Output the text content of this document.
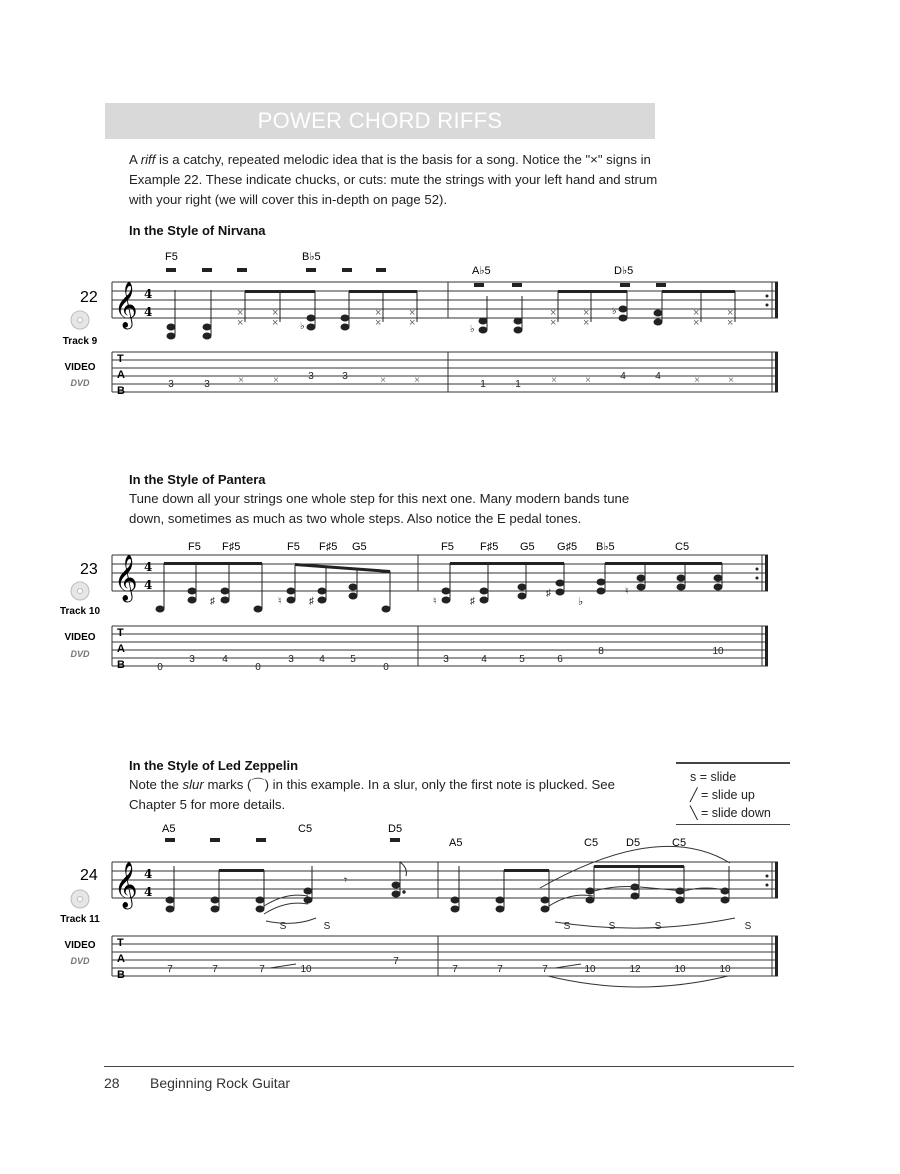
POWER CHORD RIFFS
A riff is a catchy, repeated melodic idea that is the basis for a song. Notice the "×" signs in Example 22. These indicate chucks, or cuts: mute the strings with your left hand and strum with your right (we will cover this in-depth on page 52).
In the Style of Nirvana
In the Style of Pantera
Tune down all your strings one whole step for this next one. Many modern bands tune down, sometimes as much as two whole steps. Also notice the E pedal tones.
In the Style of Led Zeppelin
Note the slur marks (⌒) in this example. In a slur, only the first note is plucked. See Chapter 5 for more details.
s = slide
╱ = slide up
╲ = slide down
22
Track 9
VIDEO
DVD
𝄞 4
4
F5	B♭5
A♭5	D♭5
×
×
×
× ♭
×
×
×
×
♭
×
×
×
×
♭	×
×
×
×
T
A
B
3	3	×	×	3	3	×	×	1	1	×	×	4	4	×	×
23
Track 10
VIDEO
DVD
𝄞 4
4
F5 F♯5	F5 F♯5 G5	F5 F♯5 G5 G♯5 B♭5	C5
♯	♮	♯	♮	♯
♯
♭
♮
T
A
B	0
3	4
0
3	4	5
0
3	4	5	6
8	10
24
Track 11
VIDEO
DVD
𝄞 4
4
A5	C5	D5
A5	C5	D5	C5
𝄾
S	S	S	S	S	S
T
A
B	7	7	7	10
7
7	7	7	10	12	10	10
28 Beginning Rock Guitar
